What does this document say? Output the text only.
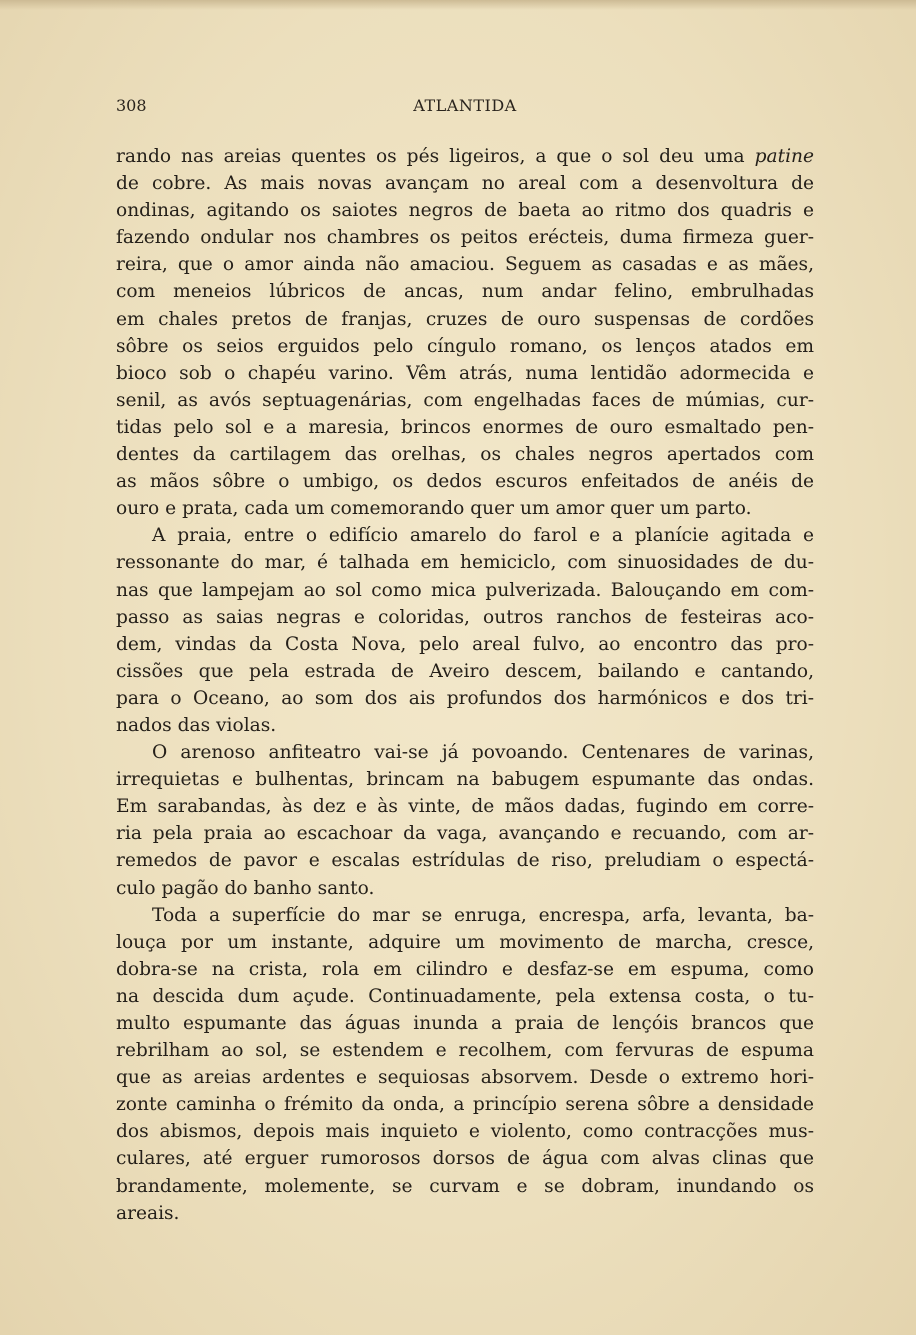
308	ATLANTIDA
rando nas areias quentes os pés ligeiros, a que o sol deu uma patine
de cobre. As mais novas avançam no areal com a desenvoltura de
ondinas, agitando os saiotes negros de baeta ao ritmo dos quadris e
fazendo ondular nos chambres os peitos erécteis, duma firmeza guer-
reira, que o amor ainda não amaciou. Seguem as casadas e as mães,
com meneios lúbricos de ancas, num andar felino, embrulhadas
em chales pretos de franjas, cruzes de ouro suspensas de cordões
sôbre os seios erguidos pelo cíngulo romano, os lenços atados em
bioco sob o chapéu varino. Vêm atrás, numa lentidão adormecida e
senil, as avós septuagenárias, com engelhadas faces de múmias, cur-
tidas pelo sol e a maresia, brincos enormes de ouro esmaltado pen-
dentes da cartilagem das orelhas, os chales negros apertados com
as mãos sôbre o umbigo, os dedos escuros enfeitados de anéis de
ouro e prata, cada um comemorando quer um amor quer um parto.
A praia, entre o edifício amarelo do farol e a planície agitada e
ressonante do mar, é talhada em hemiciclo, com sinuosidades de du-
nas que lampejam ao sol como mica pulverizada. Balouçando em com-
passo as saias negras e coloridas, outros ranchos de festeiras aco-
dem, vindas da Costa Nova, pelo areal fulvo, ao encontro das pro-
cissões que pela estrada de Aveiro descem, bailando e cantando,
para o Oceano, ao som dos ais profundos dos harmónicos e dos tri-
nados das violas.
O arenoso anfiteatro vai-se já povoando. Centenares de varinas,
irrequietas e bulhentas, brincam na babugem espumante das ondas.
Em sarabandas, às dez e às vinte, de mãos dadas, fugindo em corre-
ria pela praia ao escachoar da vaga, avançando e recuando, com ar-
remedos de pavor e escalas estrídulas de riso, preludiam o espectá-
culo pagão do banho santo.
Toda a superfície do mar se enruga, encrespa, arfa, levanta, ba-
louça por um instante, adquire um movimento de marcha, cresce,
dobra-se na crista, rola em cilindro e desfaz-se em espuma, como
na descida dum açude. Continuadamente, pela extensa costa, o tu-
multo espumante das águas inunda a praia de lençóis brancos que
rebrilham ao sol, se estendem e recolhem, com fervuras de espuma
que as areias ardentes e sequiosas absorvem. Desde o extremo hori-
zonte caminha o frémito da onda, a princípio serena sôbre a densidade
dos abismos, depois mais inquieto e violento, como contracções mus-
culares, até erguer rumorosos dorsos de água com alvas clinas que
brandamente, molemente, se curvam e se dobram, inundando os
areais.
